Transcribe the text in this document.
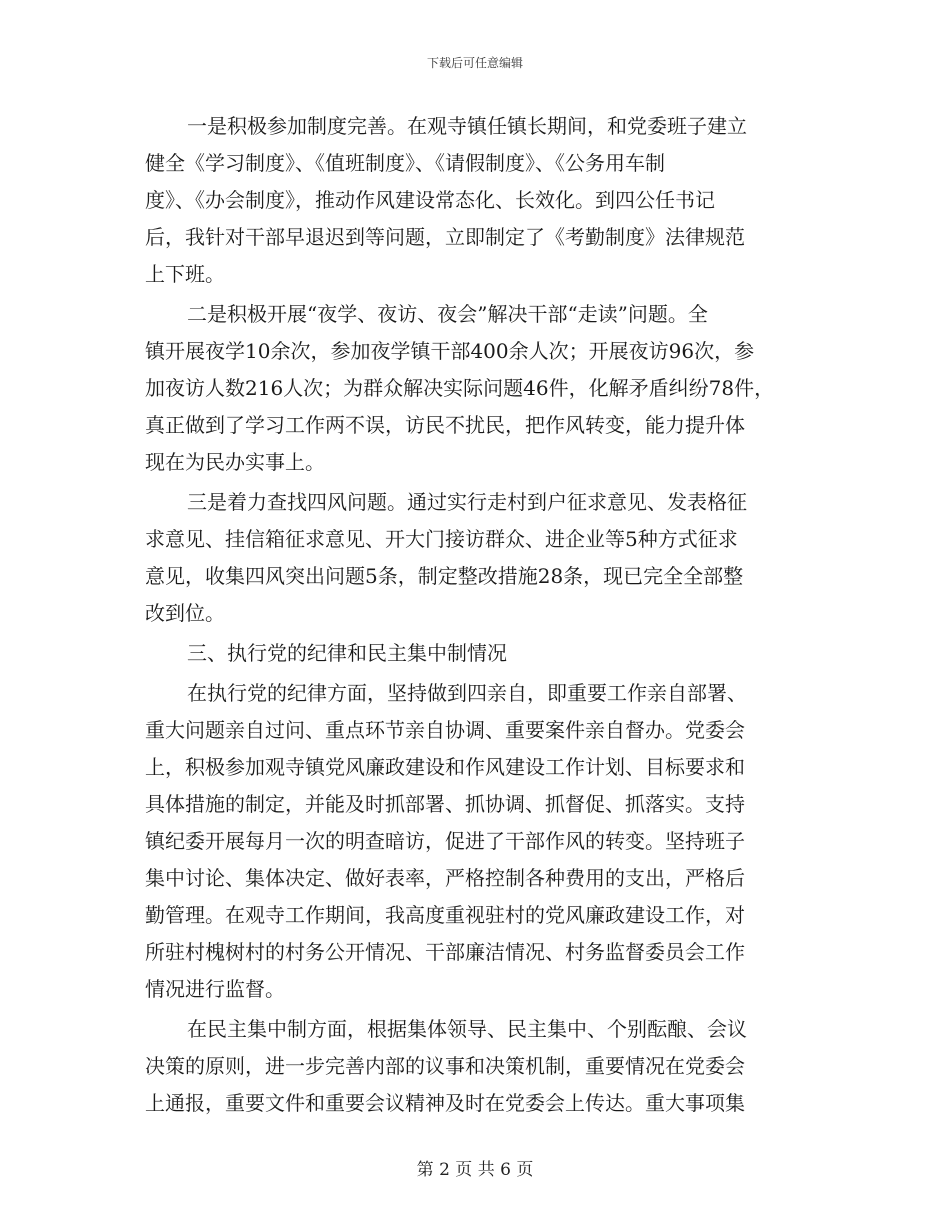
下载后可任意编辑
一是积极参加制度完善。在观寺镇任镇长期间，和党委班子建立
健全《学习制度》、《值班制度》、《请假制度》、《公务用车制
度》、《办会制度》，推动作风建设常态化、长效化。到四公任书记
后，我针对干部早退迟到等问题，立即制定了《考勤制度》法律规范
上下班。
二是积极开展“夜学、夜访、夜会”解决干部“走读”问题。全
镇开展夜学10余次，参加夜学镇干部400余人次；开展夜访96次，参
加夜访人数216人次；为群众解决实际问题46件，化解矛盾纠纷78件，
真正做到了学习工作两不误，访民不扰民，把作风转变，能力提升体
现在为民办实事上。
三是着力查找四风问题。通过实行走村到户征求意见、发表格征
求意见、挂信箱征求意见、开大门接访群众、进企业等5种方式征求
意见，收集四风突出问题5条，制定整改措施28条，现已完全全部整
改到位。
三、执行党的纪律和民主集中制情况
在执行党的纪律方面，坚持做到四亲自，即重要工作亲自部署、
重大问题亲自过问、重点环节亲自协调、重要案件亲自督办。党委会
上，积极参加观寺镇党风廉政建设和作风建设工作计划、目标要求和
具体措施的制定，并能及时抓部署、抓协调、抓督促、抓落实。支持
镇纪委开展每月一次的明查暗访，促进了干部作风的转变。坚持班子
集中讨论、集体决定、做好表率，严格控制各种费用的支出，严格后
勤管理。在观寺工作期间，我高度重视驻村的党风廉政建设工作，对
所驻村槐树村的村务公开情况、干部廉洁情况、村务监督委员会工作
情况进行监督。
在民主集中制方面，根据集体领导、民主集中、个别酝酿、会议
决策的原则，进一步完善内部的议事和决策机制，重要情况在党委会
上通报，重要文件和重要会议精神及时在党委会上传达。重大事项集
第 2 页 共 6 页
